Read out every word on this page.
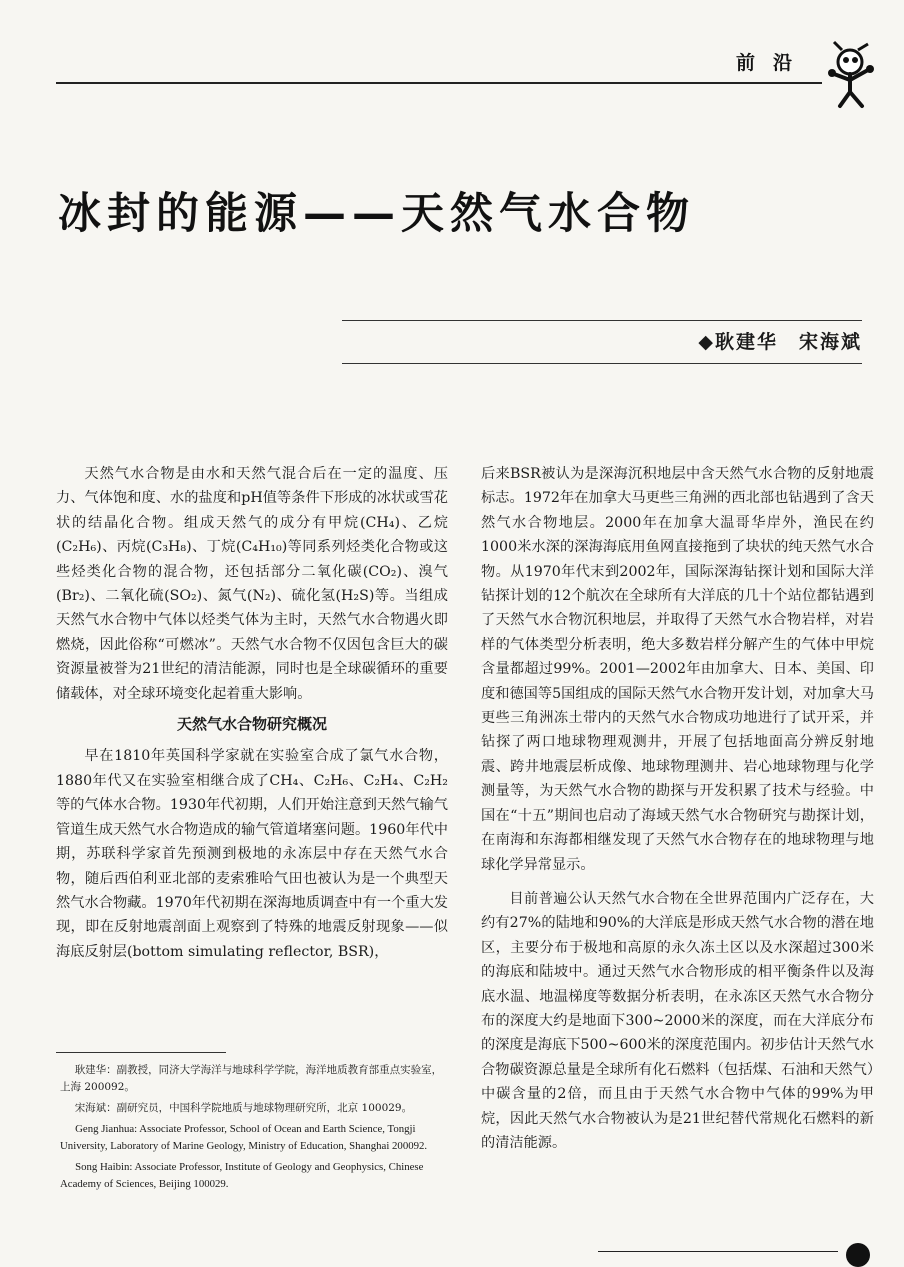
前沿
冰封的能源——天然气水合物
◆耿建华　宋海斌

天然气水合物是由水和天然气混合后在一定的温度、压力、气体饱和度、水的盐度和pH值等条件下形成的冰状或雪花状的结晶化合物。组成天然气的成分有甲烷(CH₄)、乙烷(C₂H₆)、丙烷(C₃H₈)、丁烷(C₄H₁₀)等同系列烃类化合物或这些烃类化合物的混合物，还包括部分二氧化碳(CO₂)、溴气(Br₂)、二氧化硫(SO₂)、氮气(N₂)、硫化氢(H₂S)等。当组成天然气水合物中气体以烃类气体为主时，天然气水合物遇火即燃烧，因此俗称“可燃冰”。天然气水合物不仅因包含巨大的碳资源量被誉为21世纪的清洁能源，同时也是全球碳循环的重要储载体，对全球环境变化起着重大影响。

天然气水合物研究概况

早在1810年英国科学家就在实验室合成了氯气水合物，1880年代又在实验室相继合成了CH₄、C₂H₆、C₂H₄、C₂H₂等的气体水合物。1930年代初期，人们开始注意到天然气输气管道生成天然气水合物造成的输气管道堵塞问题。1960年代中期，苏联科学家首先预测到极地的永冻层中存在天然气水合物，随后西伯利亚北部的麦索雅哈气田也被认为是一个典型天然气水合物藏。1970年代初期在深海地质调查中有一个重大发现，即在反射地震剖面上观察到了特殊的地震反射现象——似海底反射层(bottom simulating reflector, BSR)，

后来BSR被认为是深海沉积地层中含天然气水合物的反射地震标志。1972年在加拿大马更些三角洲的西北部也钻遇到了含天然气水合物地层。2000年在加拿大温哥华岸外，渔民在约1000米水深的深海海底用鱼网直接拖到了块状的纯天然气水合物。从1970年代末到2002年，国际深海钻探计划和国际大洋钻探计划的12个航次在全球所有大洋底的几十个站位都钻遇到了天然气水合物沉积地层，并取得了天然气水合物岩样，对岩样的气体类型分析表明，绝大多数岩样分解产生的气体中甲烷含量都超过99%。2001—2002年由加拿大、日本、美国、印度和德国等5国组成的国际天然气水合物开发计划，对加拿大马更些三角洲冻土带内的天然气水合物成功地进行了试开采，并钻探了两口地球物理观测井，开展了包括地面高分辨反射地震、跨井地震层析成像、地球物理测井、岩心地球物理与化学测量等，为天然气水合物的勘探与开发积累了技术与经验。中国在“十五”期间也启动了海域天然气水合物研究与勘探计划，在南海和东海都相继发现了天然气水合物存在的地球物理与地球化学异常显示。

目前普遍公认天然气水合物在全世界范围内广泛存在，大约有27%的陆地和90%的大洋底是形成天然气水合物的潜在地区，主要分布于极地和高原的永久冻土区以及水深超过300米的海底和陆坡中。通过天然气水合物形成的相平衡条件以及海底水温、地温梯度等数据分析表明，在永冻区天然气水合物分布的深度大约是地面下300~2000米的深度，而在大洋底分布的深度是海底下500~600米的深度范围内。初步估计天然气水合物碳资源总量是全球所有化石燃料（包括煤、石油和天然气）中碳含量的2倍，而且由于天然气水合物中气体的99%为甲烷，因此天然气水合物被认为是21世纪替代常规化石燃料的新的清洁能源。

耿建华：副教授，同济大学海洋与地球科学学院，海洋地质教育部重点实验室，上海 200092。

宋海斌：副研究员，中国科学院地质与地球物理研究所，北京 100029。

Geng Jianhua: Associate Professor, School of Ocean and Earth Science, Tongji University, Laboratory of Marine Geology, Ministry of Education, Shanghai 200092.

Song Haibin: Associate Professor, Institute of Geology and Geophysics, Chinese Academy of Sciences, Beijing 100029.
